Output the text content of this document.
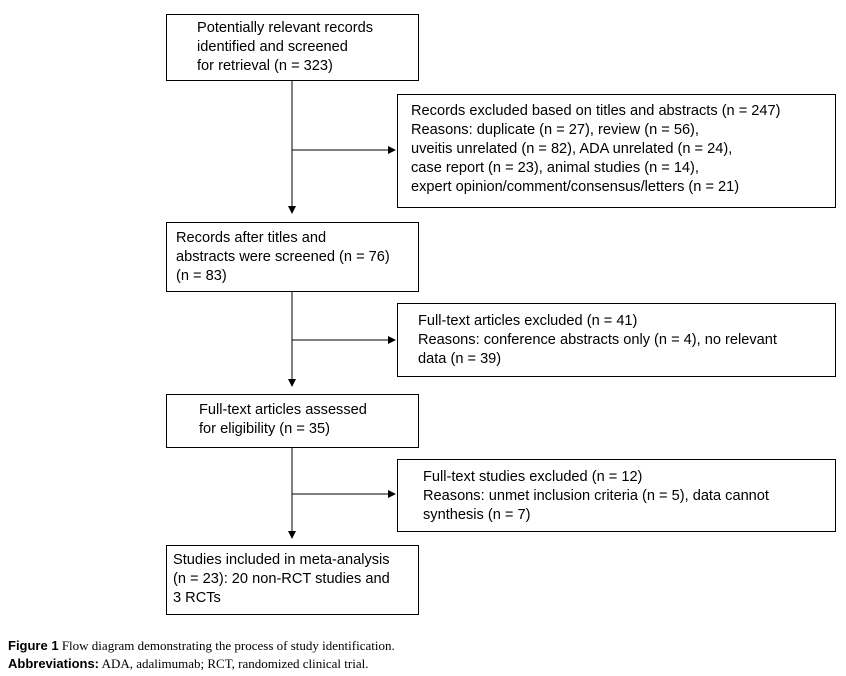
Potentially relevant records
identified and screened
for retrieval (n = 323)
Records excluded based on titles and abstracts (n = 247)
Reasons: duplicate (n = 27), review (n = 56),
uveitis unrelated (n = 82), ADA unrelated (n = 24),
case report (n = 23), animal studies (n = 14),
expert opinion/comment/consensus/letters (n = 21)
Records after titles and
abstracts were screened (n = 76)
(n = 83)
Full-text articles excluded (n = 41)
Reasons: conference abstracts only (n = 4), no relevant
data (n = 39)
Full-text articles assessed
for eligibility (n = 35)
Full-text studies excluded (n = 12)
Reasons: unmet inclusion criteria (n = 5), data cannot
synthesis (n = 7)
Studies included in meta-analysis
(n = 23): 20 non-RCT studies and
3 RCTs
Figure 1 Flow diagram demonstrating the process of study identification.
Abbreviations: ADA, adalimumab; RCT, randomized clinical trial.
